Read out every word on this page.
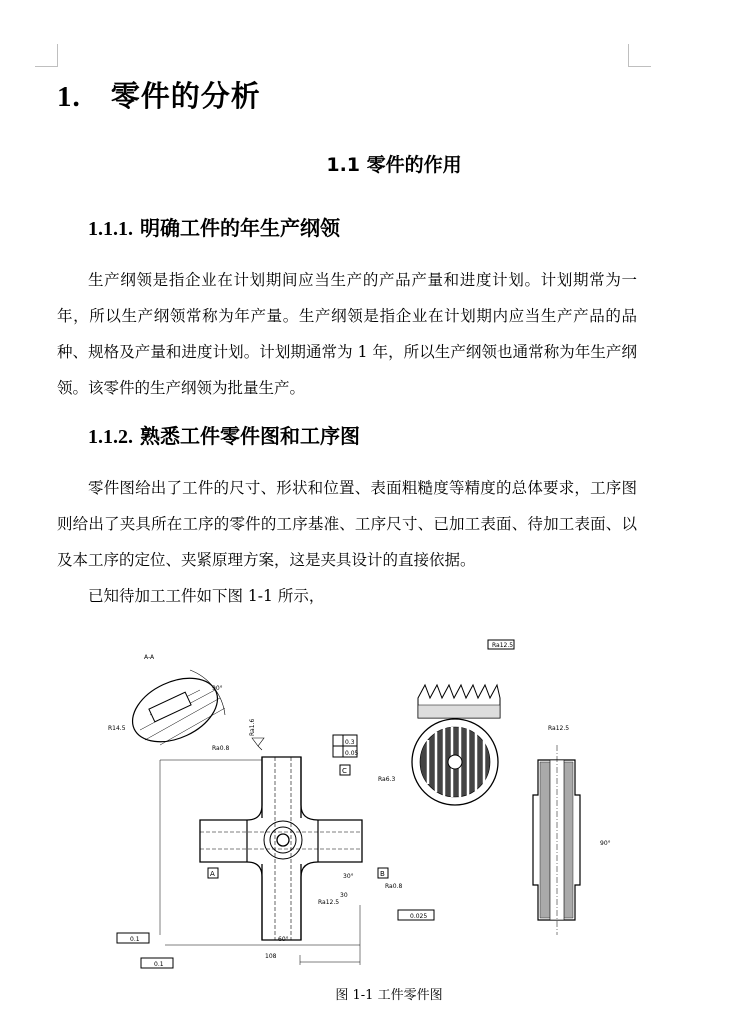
1. 零件的分析
1.1 零件的作用
1.1.1. 明确工件的年生产纲领

生产纲领是指企业在计划期间应当生产的产品产量和进度计划。计划期常为一年，所以生产纲领常称为年产量。生产纲领是指企业在计划期内应当生产产品的品种、规格及产量和进度计划。计划期通常为 1 年，所以生产纲领也通常称为年生产纲领。该零件的生产纲领为批量生产。

1.1.2. 熟悉工件零件图和工序图

零件图给出了工件的尺寸、形状和位置、表面粗糙度等精度的总体要求，工序图则给出了夹具所在工序的零件的工序基准、工序尺寸、已加工表面、待加工表面、以及本工序的定位、夹紧原理方案，这是夹具设计的直接依据。

已知待加工工件如下图 1-1 所示，

A-A
R14.5
90°
Ra1.6
Ra0.8
Ra6.3
30
30°
60°
Ra12.5
Ra0.8
108
0.3
0.05
C
A	B
0.1
0.1
0.025
Ra12.5
Ra12.5
90°
图 1-1 工件零件图
